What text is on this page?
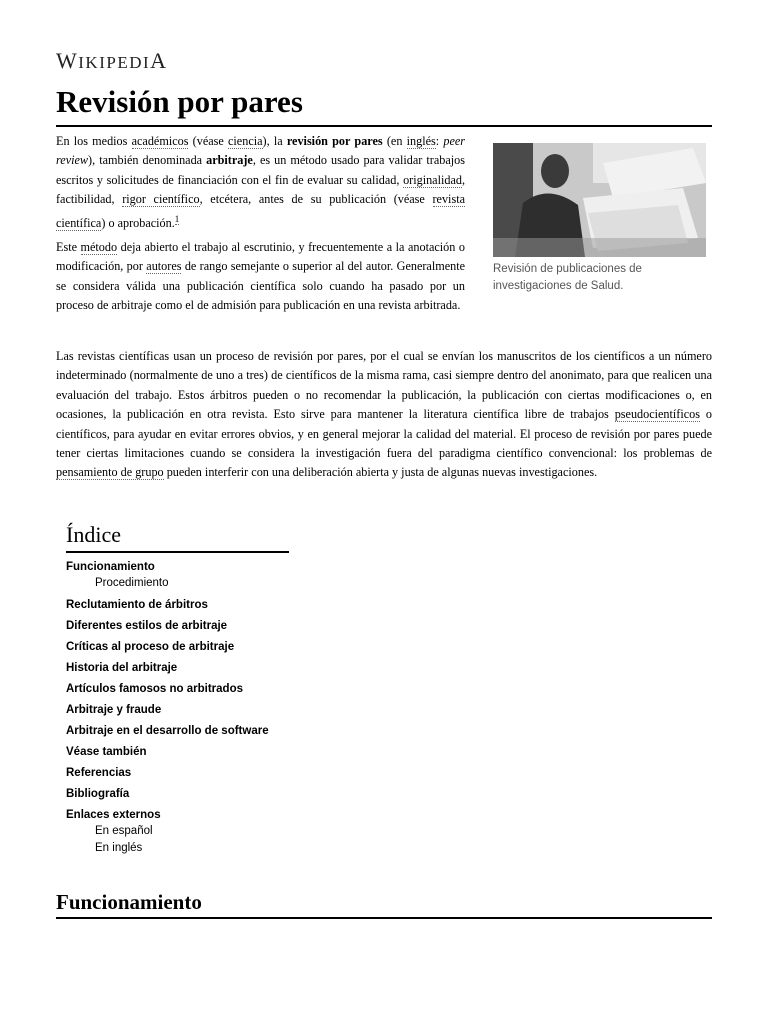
WIKIPEDIA
Revisión por pares

En los medios académicos (véase ciencia), la revisión por pares (en inglés: peer review), también denominada arbitraje, es un método usado para validar trabajos escritos y solicitudes de financiación con el fin de evaluar su calidad, originalidad, factibilidad, rigor científico, etcétera, antes de su publicación (véase revista científica) o aprobación.$^1$

Este método deja abierto el trabajo al escrutinio, y frecuentemente a la anotación o modificación, por autores de rango semejante o superior al del autor. Generalmente se considera válida una publicación científica solo cuando ha pasado por un proceso de arbitraje como el de admisión para publicación en una revista arbitrada.

Revisión de publicaciones de investigaciones de Salud.

Las revistas científicas usan un proceso de revisión por pares, por el cual se envían los manuscritos de los científicos a un número indeterminado (normalmente de uno a tres) de científicos de la misma rama, casi siempre dentro del anonimato, para que realicen una evaluación del trabajo. Estos árbitros pueden o no recomendar la publicación, la publicación con ciertas modificaciones o, en ocasiones, la publicación en otra revista. Esto sirve para mantener la literatura científica libre de trabajos pseudocientíficos o científicos, para ayudar en evitar errores obvios, y en general mejorar la calidad del material. El proceso de revisión por pares puede tener ciertas limitaciones cuando se considera la investigación fuera del paradigma científico convencional: los problemas de pensamiento de grupo pueden interferir con una deliberación abierta y justa de algunas nuevas investigaciones.

Índice
Funcionamiento
Procedimiento
Reclutamiento de árbitros
Diferentes estilos de arbitraje
Críticas al proceso de arbitraje
Historia del arbitraje
Artículos famosos no arbitrados
Arbitraje y fraude
Arbitraje en el desarrollo de software
Véase también
Referencias
Bibliografía
Enlaces externos
En español
En inglés
Funcionamiento
